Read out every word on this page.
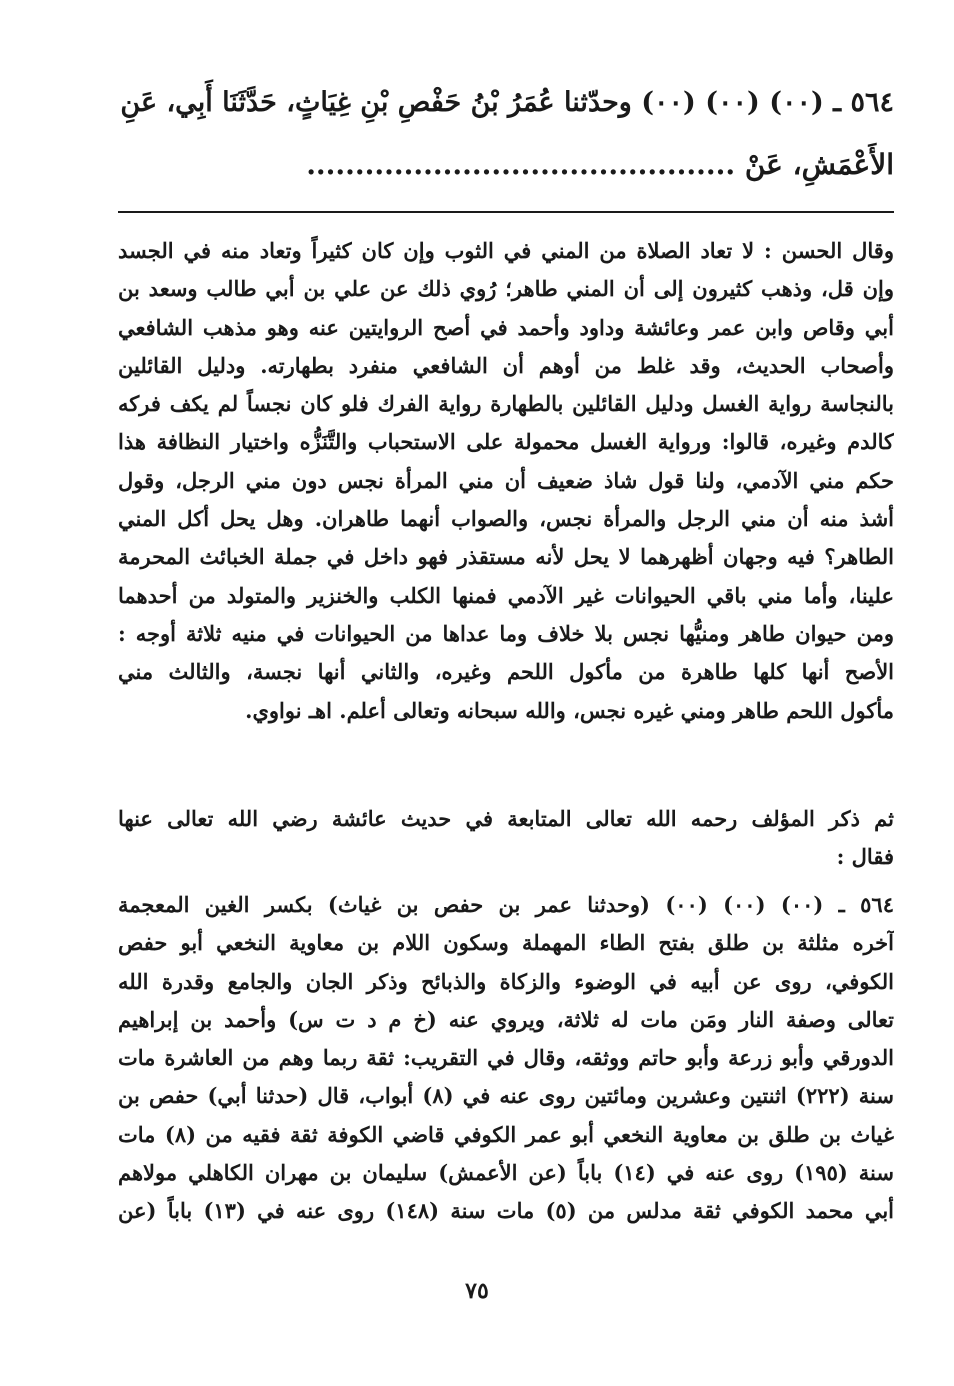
٥٦٤ ـ (٠٠) (٠٠) (٠٠) وحدّثنا عُمَرُ بْنُ حَفْصِ بْنِ غِيَاثٍ، حَدَّثَنَا أَبِي، عَنِ
الأَعْمَشِ، عَنْ ............................................
وقال الحسن : لا تعاد الصلاة من المني في الثوب وإن كان كثيراً وتعاد منه في الجسد
وإن قل، وذهب كثيرون إلى أن المني طاهر؛ رُوي ذلك عن علي بن أبي طالب وسعد بن
أبي وقاص وابن عمر وعائشة وداود وأحمد في أصح الروايتين عنه وهو مذهب الشافعي
وأصحاب الحديث، وقد غلط من أوهم أن الشافعي منفرد بطهارته. ودليل القائلين
بالنجاسة رواية الغسل ودليل القائلين بالطهارة رواية الفرك فلو كان نجساً لم يكف فركه
كالدم وغيره، قالوا: ورواية الغسل محمولة على الاستحباب والتَّنَزُّه واختيار النظافة هذا
حكم مني الآدمي، ولنا قول شاذ ضعيف أن مني المرأة نجس دون مني الرجل، وقول
أشذ منه أن مني الرجل والمرأة نجس، والصواب أنهما طاهران. وهل يحل أكل المني
الطاهر؟ فيه وجهان أظهرهما لا يحل لأنه مستقذر فهو داخل في جملة الخبائث المحرمة
علينا، وأما مني باقي الحيوانات غير الآدمي فمنها الكلب والخنزير والمتولد من أحدهما
ومن حيوان طاهر ومنيُّها نجس بلا خلاف وما عداها من الحيوانات في منيه ثلاثة أوجه :
الأصح أنها كلها طاهرة من مأكول اللحم وغيره، والثاني أنها نجسة، والثالث مني
مأكول اللحم طاهر ومني غيره نجس، والله سبحانه وتعالى أعلم. اهـ نواوي.
ثم ذكر المؤلف رحمه الله تعالى المتابعة في حديث عائشة رضي الله تعالى عنها
فقال :
٥٦٤ ـ (٠٠) (٠٠) (٠٠) (وحدثنا عمر بن حفص بن غياث) بكسر الغين المعجمة
آخره مثلثة بن طلق بفتح الطاء المهملة وسكون اللام بن معاوية النخعي أبو حفص
الكوفي، روى عن أبيه في الوضوء والزكاة والذبائح وذكر الجان والجامع وقدرة الله
تعالى وصفة النار ومَن مات له ثلاثة، ويروي عنه (خ م د ت س) وأحمد بن إبراهيم
الدورقي وأبو زرعة وأبو حاتم ووثقه، وقال في التقريب: ثقة ربما وهم من العاشرة مات
سنة (٢٢٢) اثنتين وعشرين ومائتين روى عنه في (٨) أبواب، قال (حدثنا أبي) حفص بن
غياث بن طلق بن معاوية النخعي أبو عمر الكوفي قاضي الكوفة ثقة فقيه من (٨) مات
سنة (١٩٥) روى عنه في (١٤) باباً (عن الأعمش) سليمان بن مهران الكاهلي مولاهم
أبي محمد الكوفي ثقة مدلس من (٥) مات سنة (١٤٨) روى عنه في (١٣) باباً (عن
٧٥
